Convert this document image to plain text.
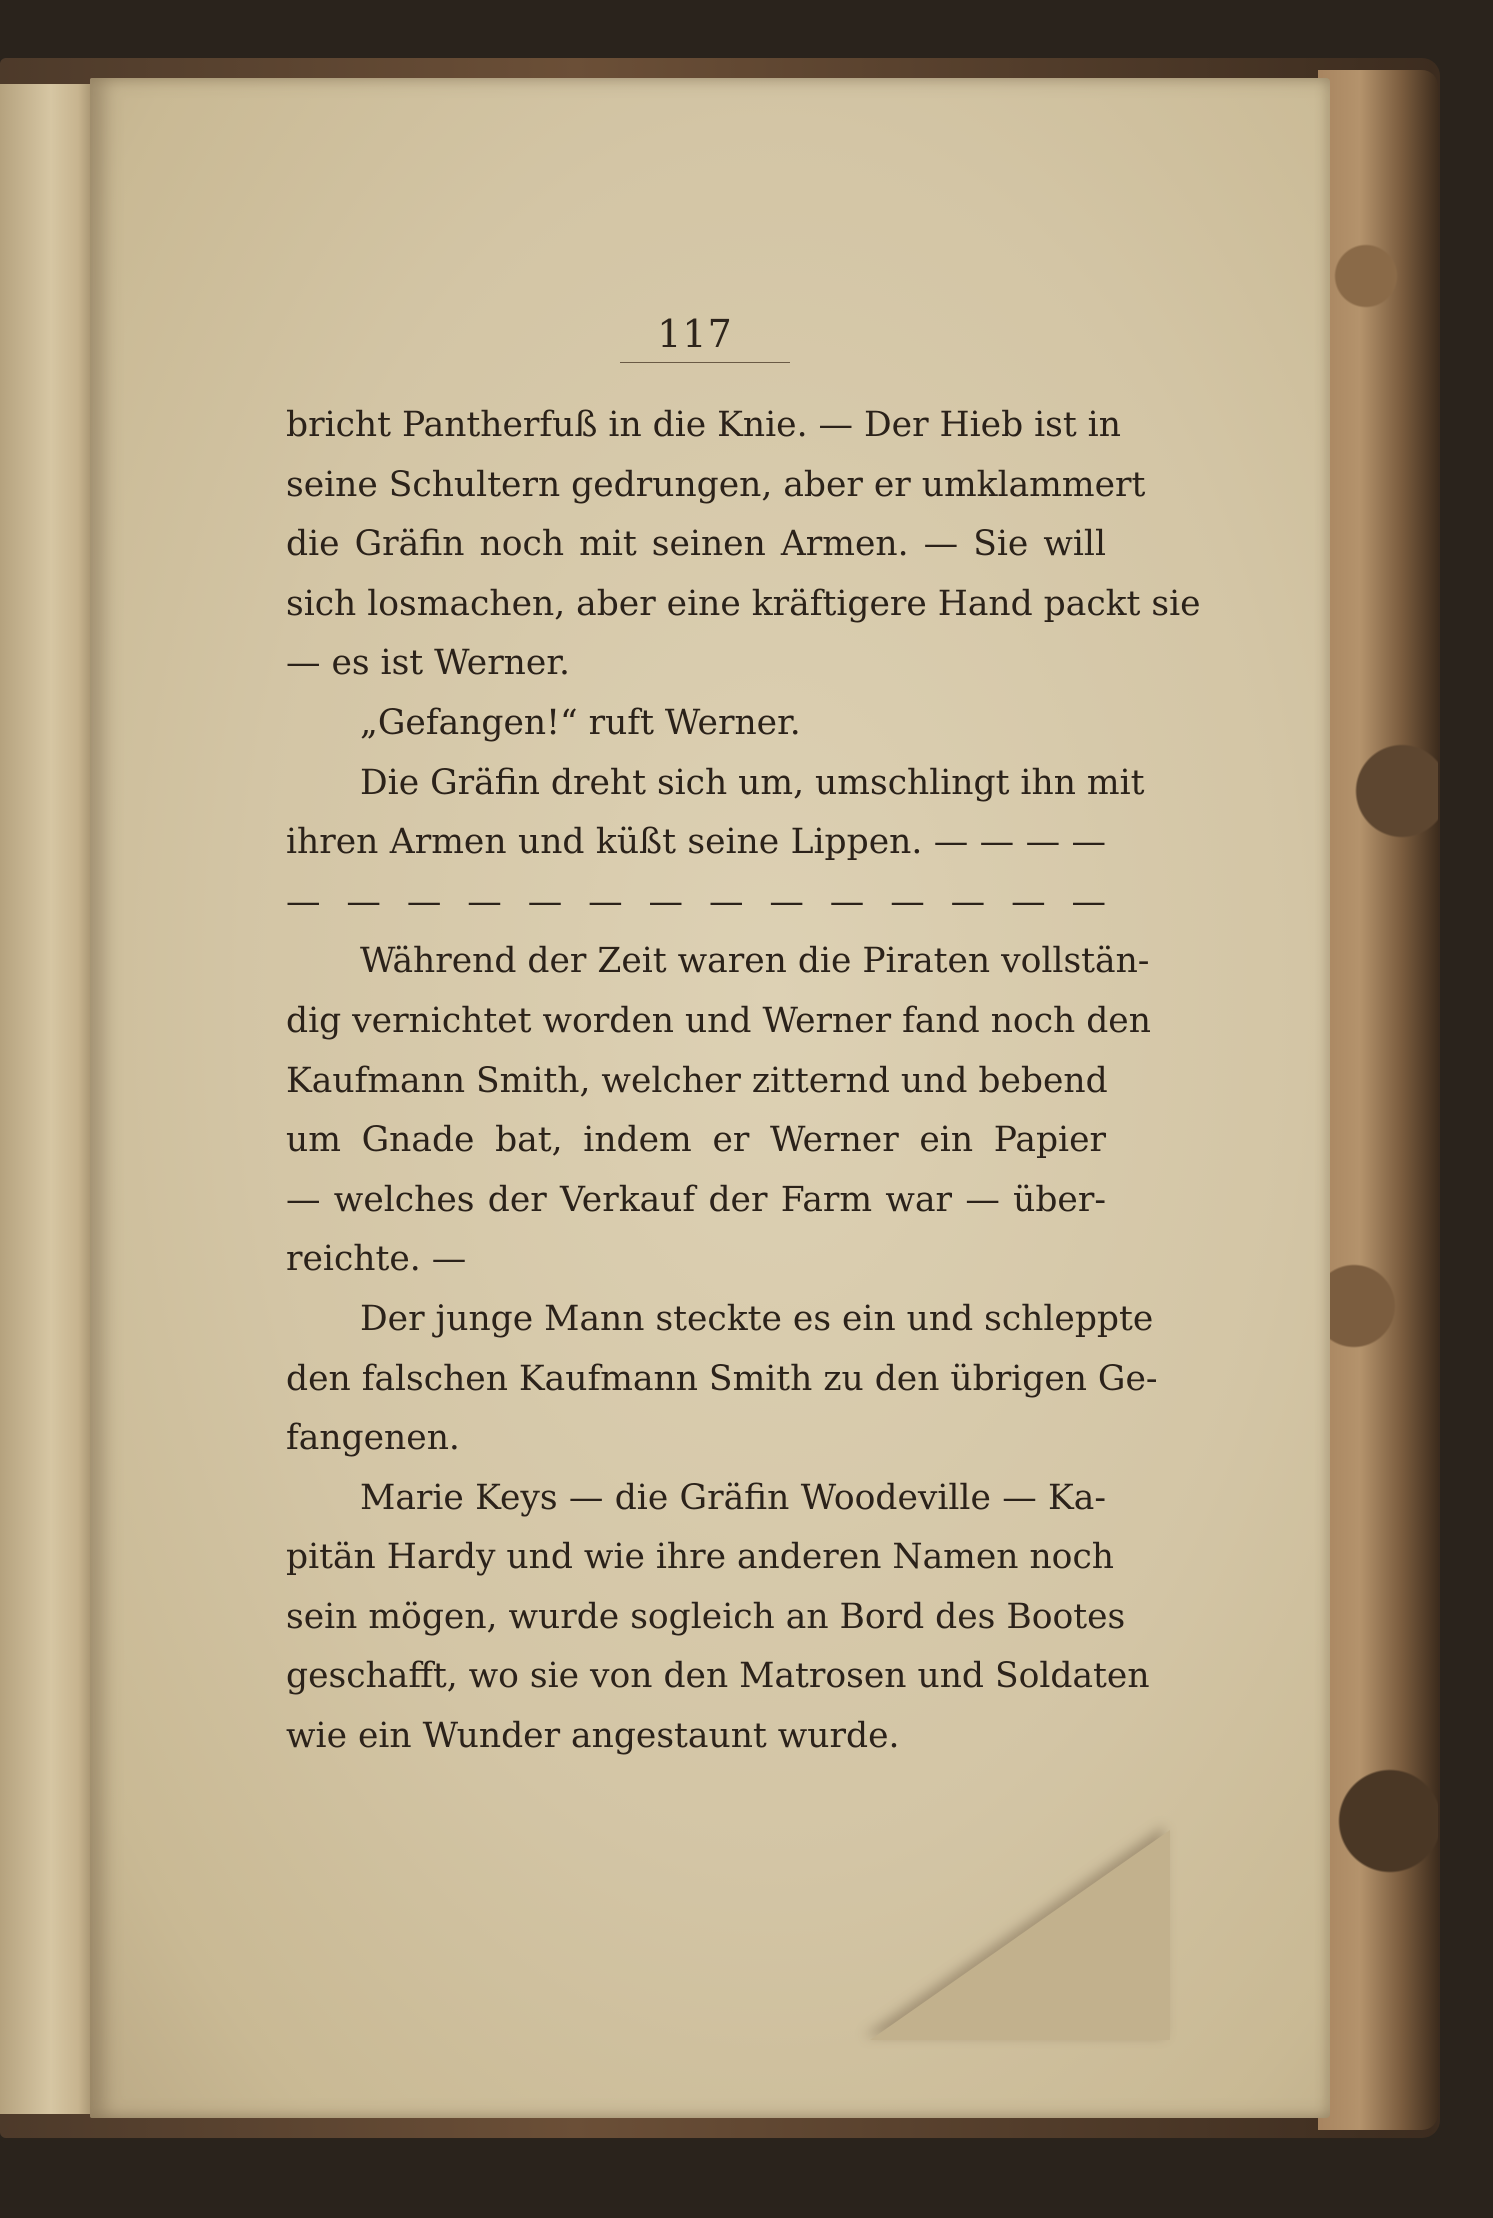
117
bricht Pantherfuß in die Knie. — Der Hieb ist in
seine Schultern gedrungen, aber er umklammert
die Gräfin noch mit seinen Armen. — Sie will
sich losmachen, aber eine kräftigere Hand packt sie
— es ist Werner.
„Gefangen!“ ruft Werner.
Die Gräfin dreht sich um, umschlingt ihn mit
ihren Armen und küßt seine Lippen. — — — —
— — — — — — — — — — — — — —
Während der Zeit waren die Piraten vollstän-
dig vernichtet worden und Werner fand noch den
Kaufmann Smith, welcher zitternd und bebend
um Gnade bat, indem er Werner ein Papier
— welches der Verkauf der Farm war — über-
reichte. —
Der junge Mann steckte es ein und schleppte
den falschen Kaufmann Smith zu den übrigen Ge-
fangenen.
Marie Keys — die Gräfin Woodeville — Ka-
pitän Hardy und wie ihre anderen Namen noch
sein mögen, wurde sogleich an Bord des Bootes
geschafft, wo sie von den Matrosen und Soldaten
wie ein Wunder angestaunt wurde.
